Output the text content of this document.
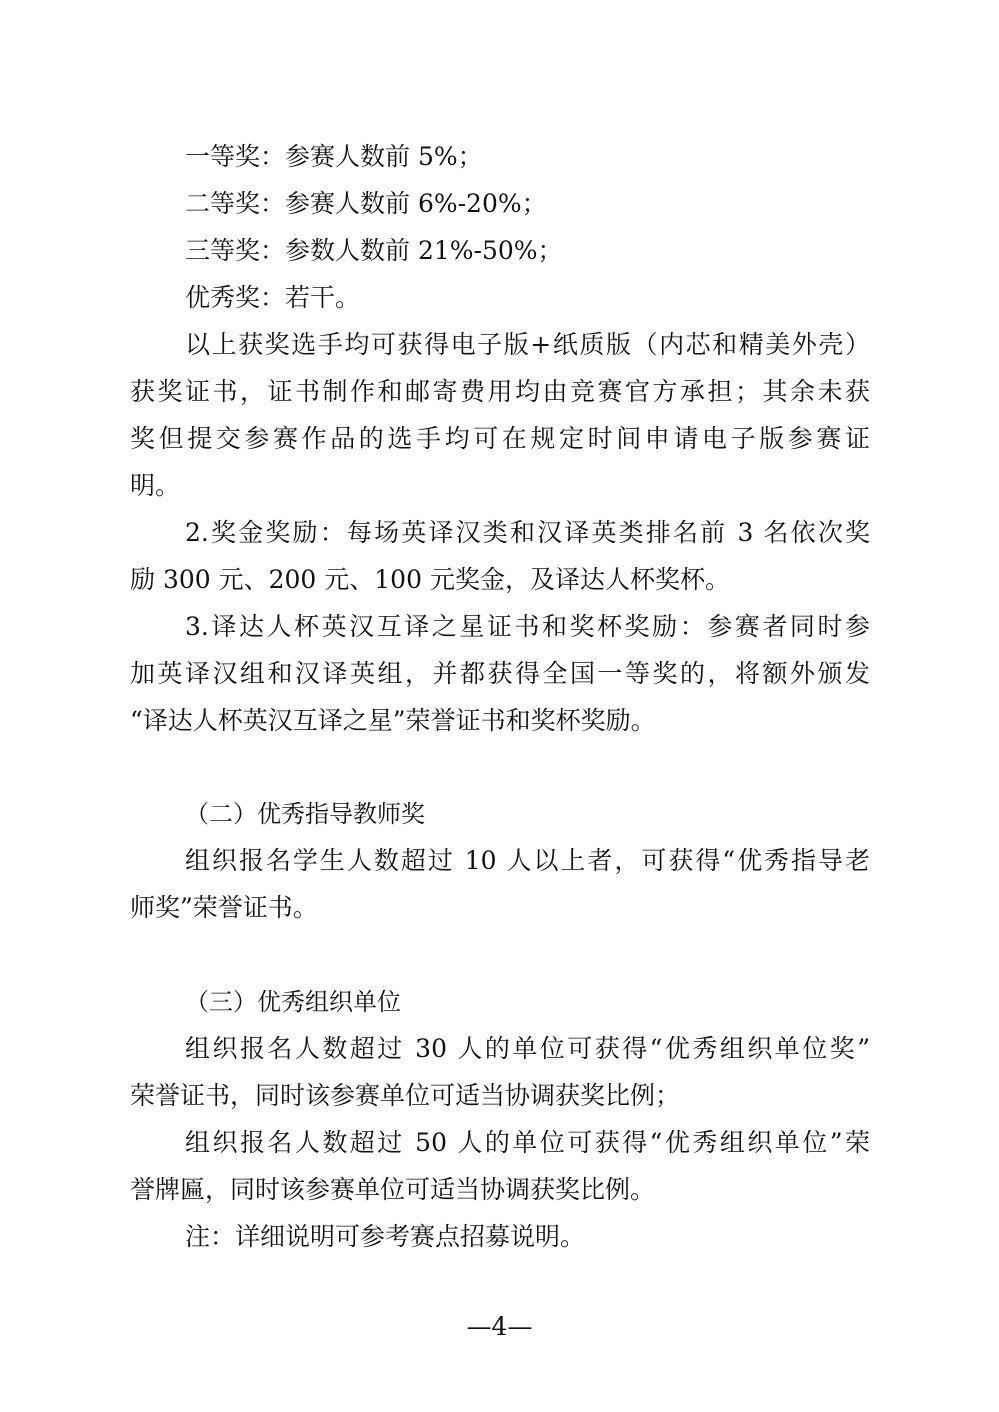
一等奖：参赛人数前 5%；
二等奖：参赛人数前 6%-20%；
三等奖：参数人数前 21%-50%；
优秀奖：若干。
以上获奖选手均可获得电子版+纸质版（内芯和精美外壳）
获奖证书，证书制作和邮寄费用均由竞赛官方承担；其余未获
奖但提交参赛作品的选手均可在规定时间申请电子版参赛证
明。
2.奖金奖励：每场英译汉类和汉译英类排名前 3 名依次奖
励 300 元、200 元、100 元奖金，及译达人杯奖杯。
3.译达人杯英汉互译之星证书和奖杯奖励：参赛者同时参
加英译汉组和汉译英组，并都获得全国一等奖的，将额外颁发
“译达人杯英汉互译之星”荣誉证书和奖杯奖励。
（二）优秀指导教师奖
组织报名学生人数超过 10 人以上者，可获得“优秀指导老
师奖”荣誉证书。
（三）优秀组织单位
组织报名人数超过 30 人的单位可获得“优秀组织单位奖”
荣誉证书，同时该参赛单位可适当协调获奖比例；
组织报名人数超过 50 人的单位可获得“优秀组织单位”荣
誉牌匾，同时该参赛单位可适当协调获奖比例。
注：详细说明可参考赛点招募说明。
—4—
